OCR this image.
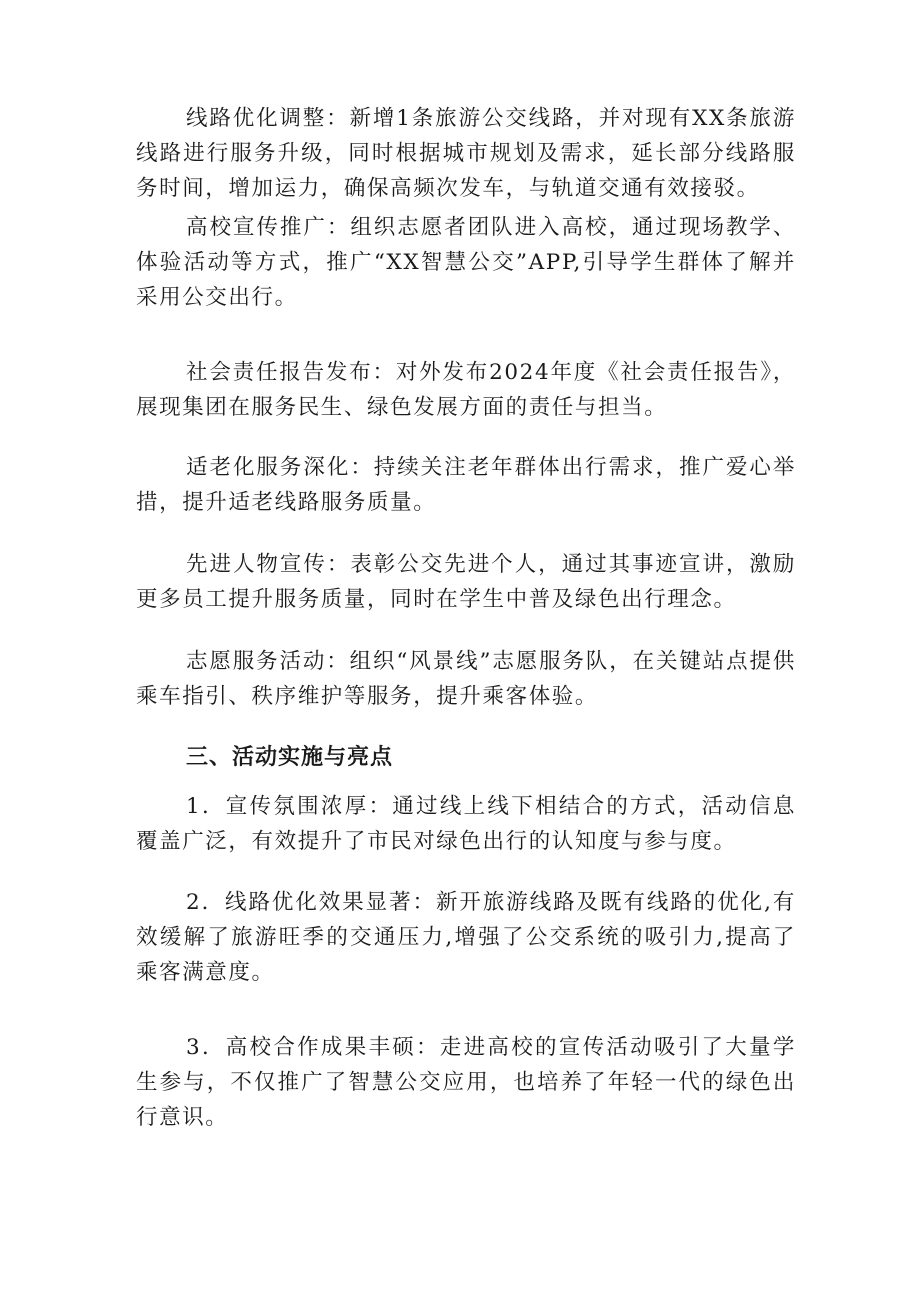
线路优化调整：新增1条旅游公交线路，并对现有XX条旅游线路进行服务升级，同时根据城市规划及需求，延长部分线路服务时间，增加运力，确保高频次发车，与轨道交通有效接驳。

高校宣传推广：组织志愿者团队进入高校，通过现场教学、体验活动等方式，推广“XX智慧公交”APP,引导学生群体了解并采用公交出行。

社会责任报告发布：对外发布2024年度《社会责任报告》，展现集团在服务民生、绿色发展方面的责任与担当。

适老化服务深化：持续关注老年群体出行需求，推广爱心举措，提升适老线路服务质量。

先进人物宣传：表彰公交先进个人，通过其事迹宣讲，激励更多员工提升服务质量，同时在学生中普及绿色出行理念。

志愿服务活动：组织“风景线”志愿服务队，在关键站点提供乘车指引、秩序维护等服务，提升乘客体验。

三、活动实施与亮点

1．宣传氛围浓厚：通过线上线下相结合的方式，活动信息覆盖广泛，有效提升了市民对绿色出行的认知度与参与度。

2．线路优化效果显著：新开旅游线路及既有线路的优化,有效缓解了旅游旺季的交通压力,增强了公交系统的吸引力,提高了乘客满意度。

3．高校合作成果丰硕：走进高校的宣传活动吸引了大量学生参与，不仅推广了智慧公交应用，也培养了年轻一代的绿色出行意识。
